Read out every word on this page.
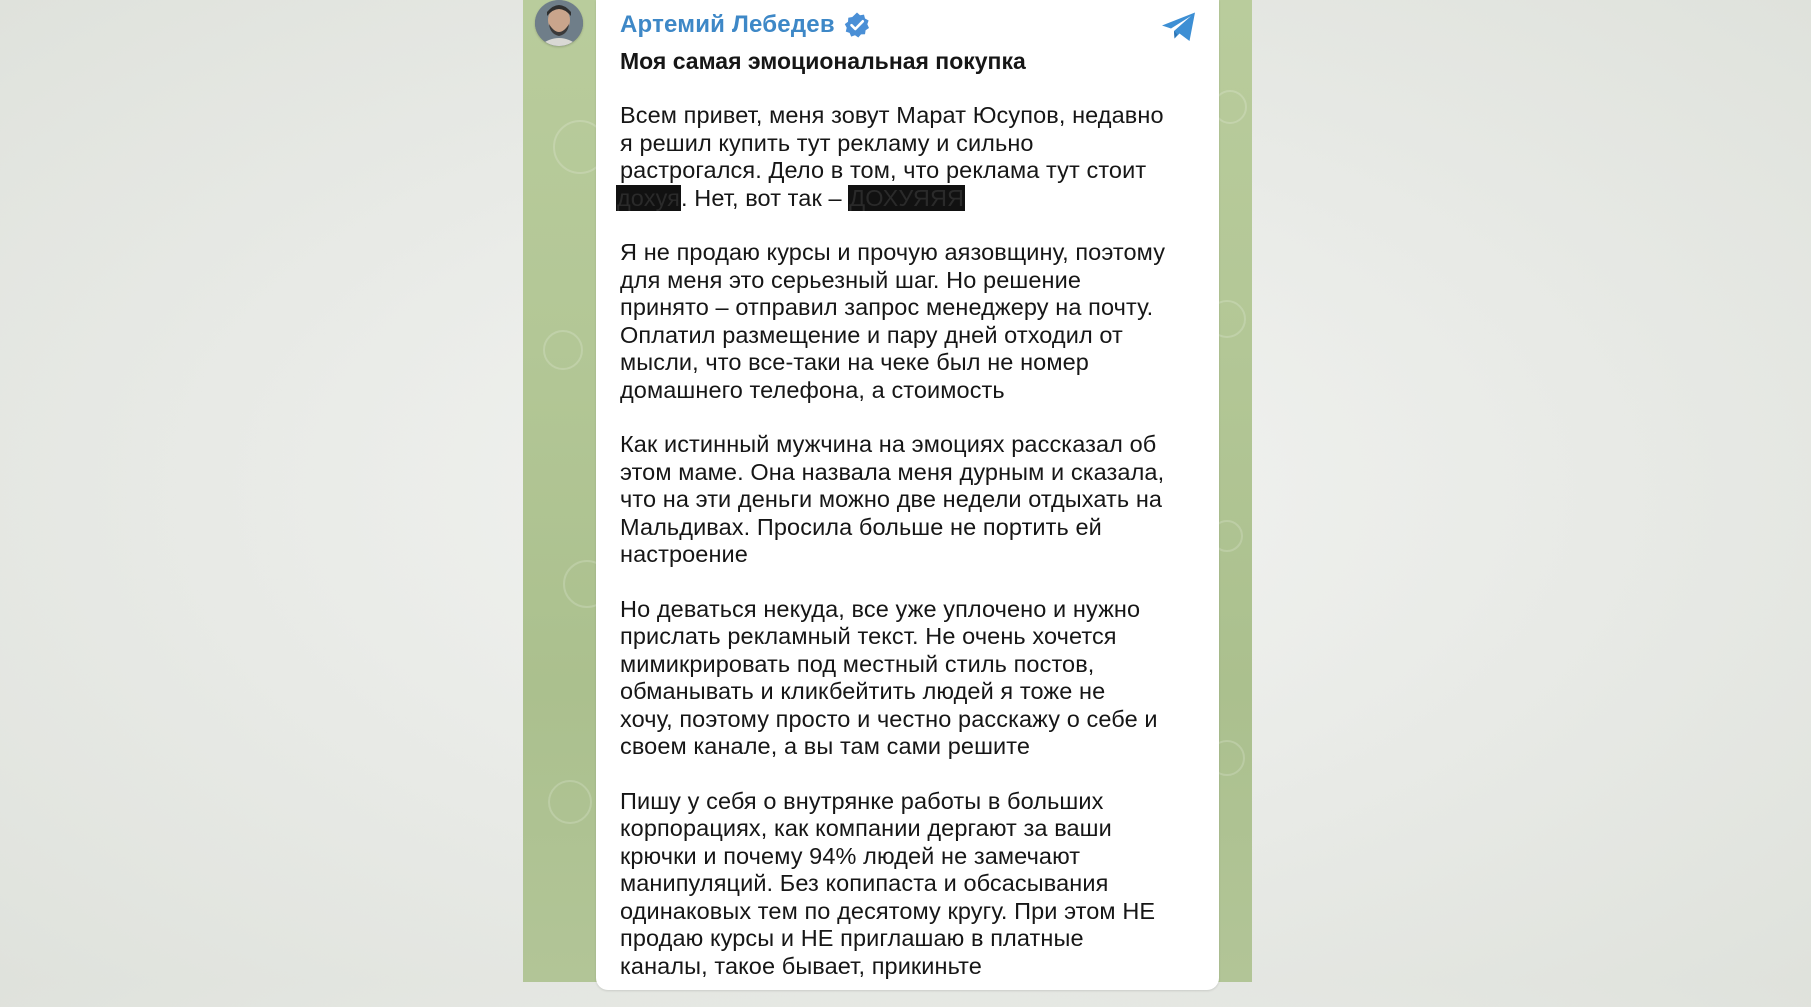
Артемий Лебедев
Моя самая эмоциональная покупка
Всем привет, меня зовут Марат Юсупов, недавно
я решил купить тут рекламу и сильно
растрогался. Дело в том, что реклама тут стоит
дохуя. Нет, вот так – ДОХУЯЯЯ
Я не продаю курсы и прочую аязовщину, поэтому
для меня это серьезный шаг. Но решение
принято – отправил запрос менеджеру на почту.
Оплатил размещение и пару дней отходил от
мысли, что все-таки на чеке был не номер
домашнего телефона, а стоимость
Как истинный мужчина на эмоциях рассказал об
этом маме. Она назвала меня дурным и сказала,
что на эти деньги можно две недели отдыхать на
Мальдивах. Просила больше не портить ей
настроение
Но деваться некуда, все уже уплочено и нужно
прислать рекламный текст. Не очень хочется
мимикрировать под местный стиль постов,
обманывать и кликбейтить людей я тоже не
хочу, поэтому просто и честно расскажу о себе и
своем канале, а вы там сами решите
Пишу у себя о внутрянке работы в больших
корпорациях, как компании дергают за ваши
крючки и почему 94% людей не замечают
манипуляций. Без копипаста и обсасывания
одинаковых тем по десятому кругу. При этом НЕ
продаю курсы и НЕ приглашаю в платные
каналы, такое бывает, прикиньте
